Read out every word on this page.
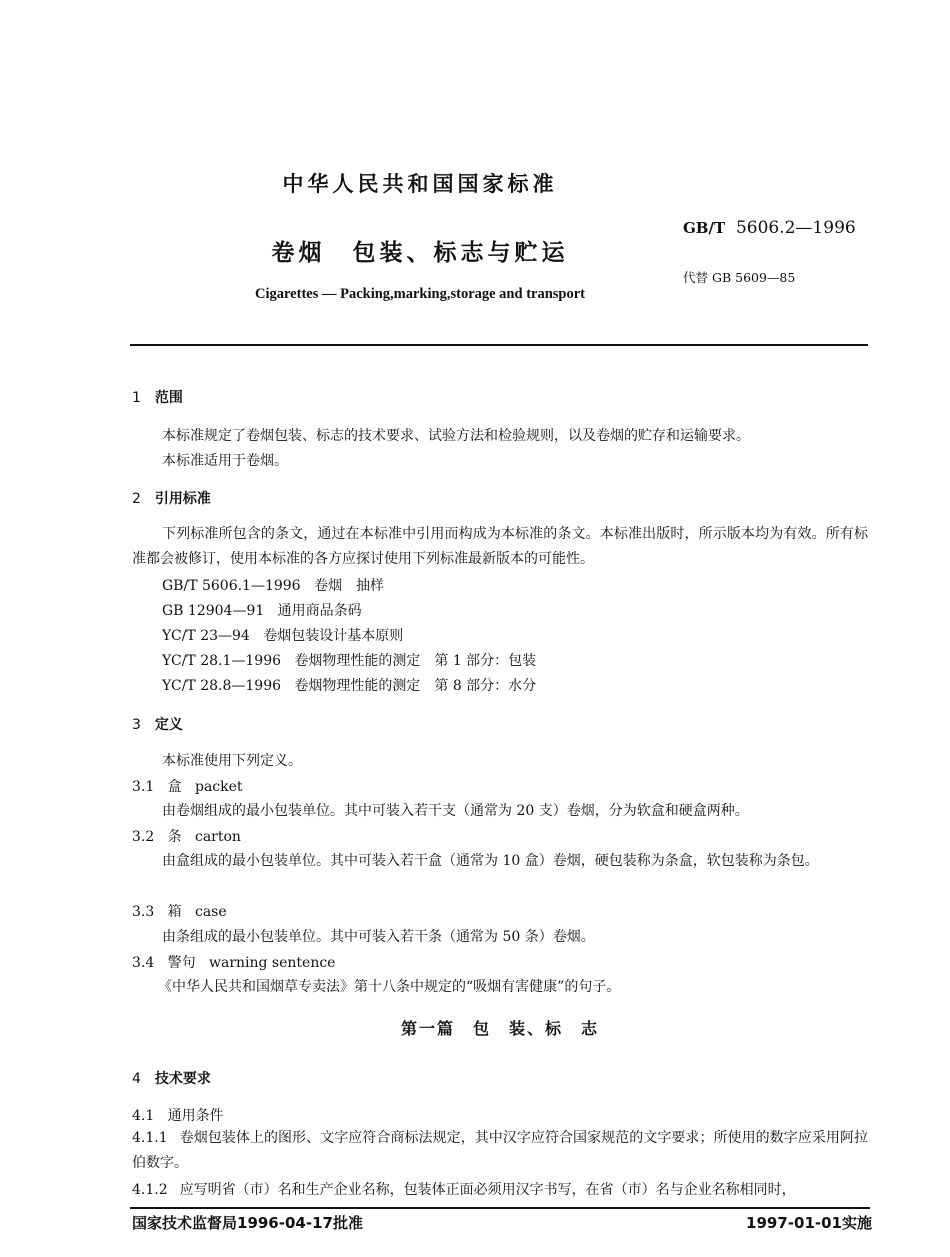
中华人民共和国国家标准
GB/T 5606.2—1996
卷烟　包装、标志与贮运
代替 GB 5609—85
Cigarettes — Packing,marking,storage and transport
1 范围
本标准规定了卷烟包装、标志的技术要求、试验方法和检验规则，以及卷烟的贮存和运输要求。
本标准适用于卷烟。
2 引用标准
下列标准所包含的条文，通过在本标准中引用而构成为本标准的条文。本标准出版时，所示版本均为有效。所有标准都会被修订，使用本标准的各方应探讨使用下列标准最新版本的可能性。
GB/T 5606.1—1996 卷烟　抽样
GB 12904—91 通用商品条码
YC/T 23—94 卷烟包装设计基本原则
YC/T 28.1—1996 卷烟物理性能的测定　第 1 部分：包装
YC/T 28.8—1996 卷烟物理性能的测定　第 8 部分：水分
3 定义
本标准使用下列定义。
3.1 盒 packet
由卷烟组成的最小包装单位。其中可装入若干支（通常为 20 支）卷烟，分为软盒和硬盒两种。
3.2 条 carton
由盒组成的最小包装单位。其中可装入若干盒（通常为 10 盒）卷烟，硬包装称为条盒，软包装称为条包。
3.3 箱 case
由条组成的最小包装单位。其中可装入若干条（通常为 50 条）卷烟。
3.4 警句 warning sentence
《中华人民共和国烟草专卖法》第十八条中规定的“吸烟有害健康”的句子。
第一篇　包　装、标　志
4 技术要求
4.1 通用条件
4.1.1 卷烟包装体上的图形、文字应符合商标法规定，其中汉字应符合国家规范的文字要求；所使用的数字应采用阿拉伯数字。
4.1.2 应写明省（市）名和生产企业名称，包装体正面必须用汉字书写，在省（市）名与企业名称相同时，
国家技术监督局1996-04-17批准	1997-01-01实施
